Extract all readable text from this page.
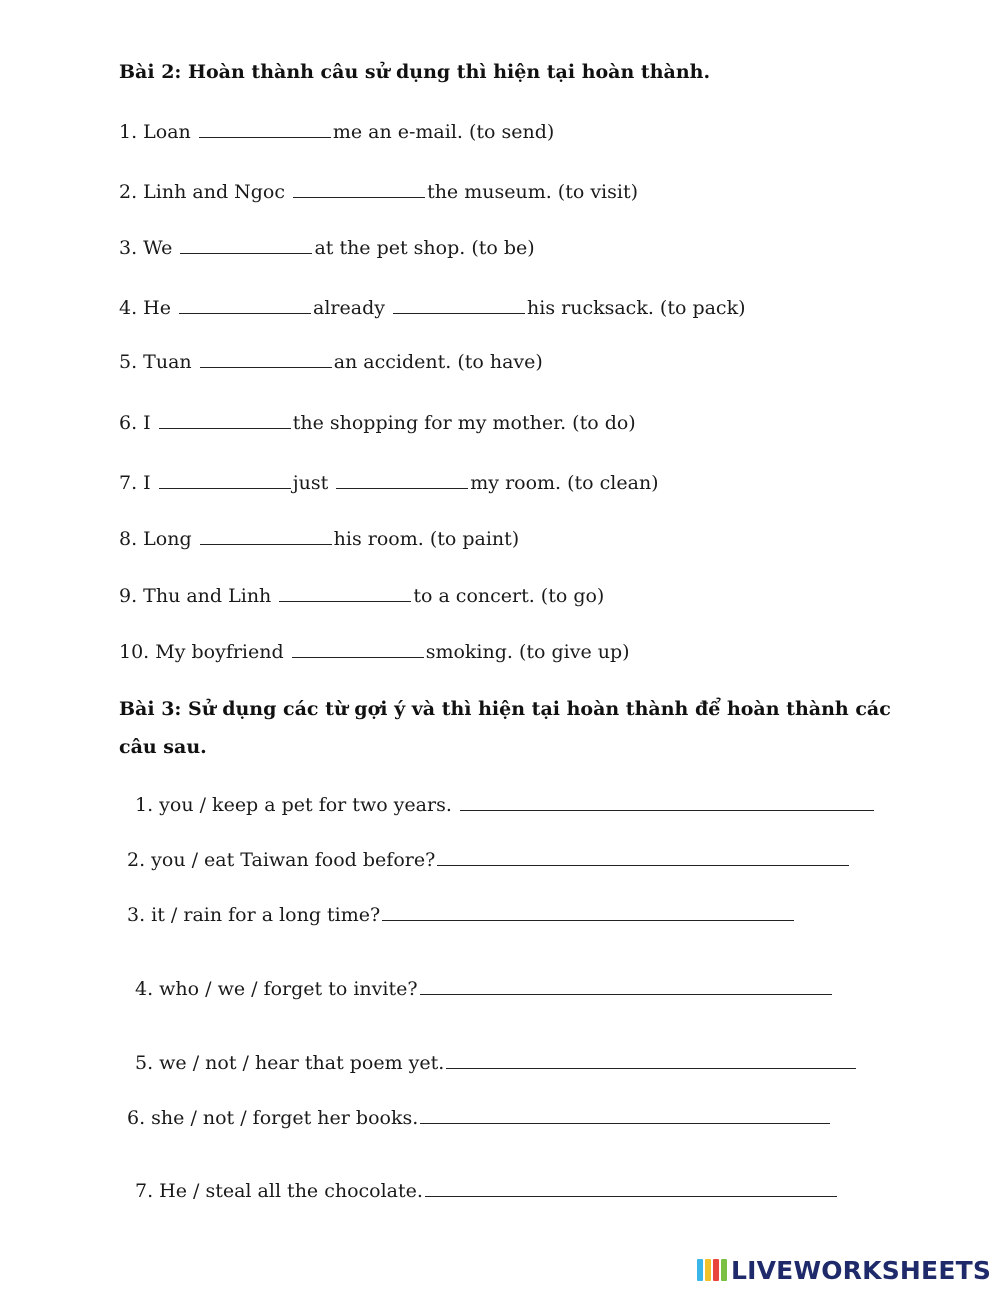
Bài 2: Hoàn thành câu sử dụng thì hiện tại hoàn thành.
1. Loan	me an e-mail. (to send)
2. Linh and Ngoc	the museum. (to visit)
3. We	at the pet shop. (to be)
4. He	already	his rucksack. (to pack)
5. Tuan	an accident. (to have)
6. I	the shopping for my mother. (to do)
7. I	just	my room. (to clean)
8. Long	his room. (to paint)
9. Thu and Linh	to a concert. (to go)
10. My boyfriend	smoking. (to give up)
Bài 3: Sử dụng các từ gợi ý và thì hiện tại hoàn thành để hoàn thành các
câu sau.
1. you / keep a pet for two years.
2. you / eat Taiwan food before?
3. it / rain for a long time?
4. who / we / forget to invite?
5. we / not / hear that poem yet.
6. she / not / forget her books.
7. He / steal all the chocolate.
LIVEWORKSHEETS
